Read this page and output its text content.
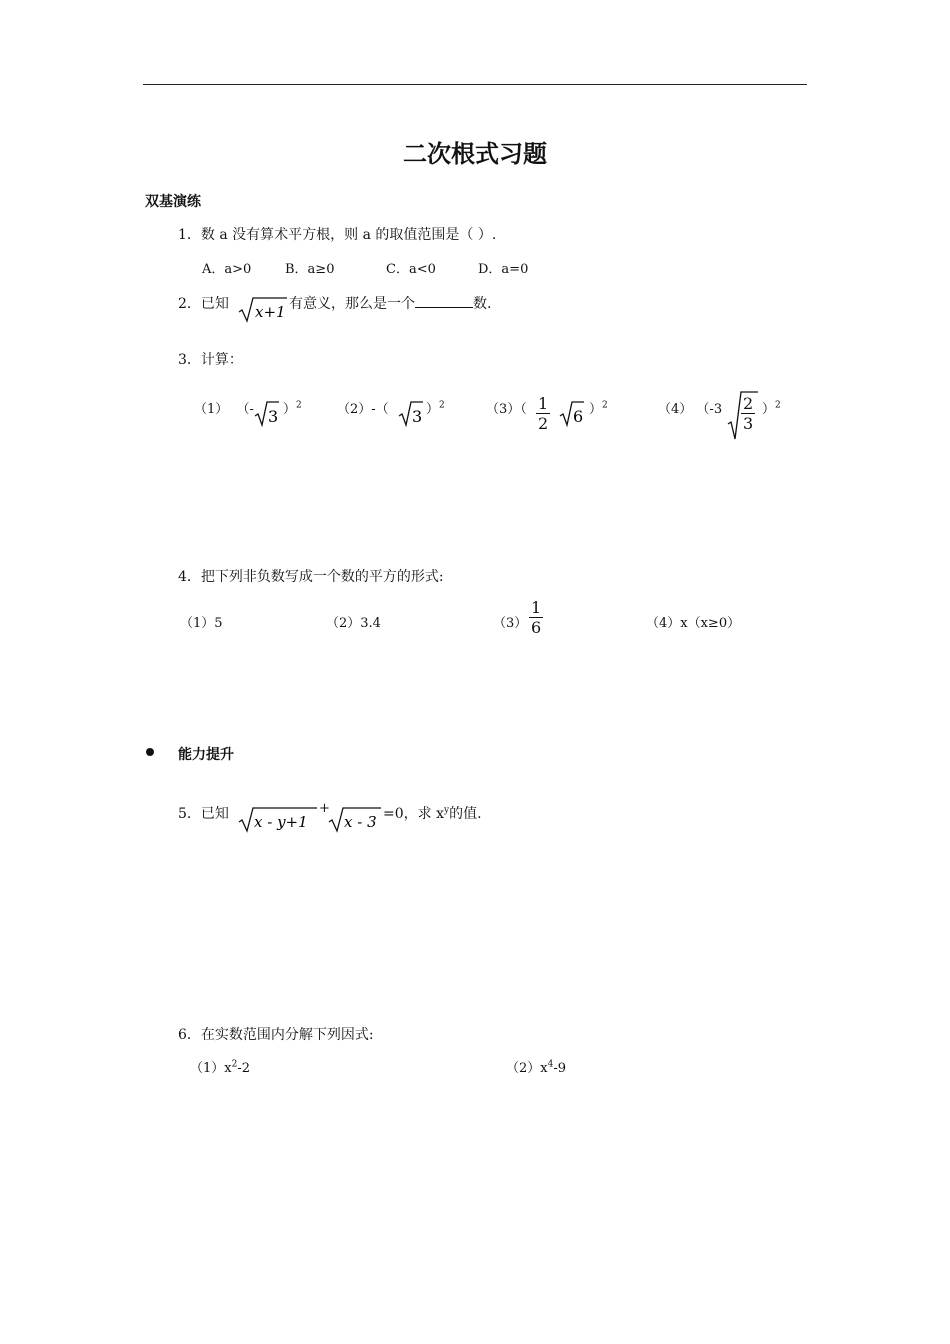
二次根式习题
双基演练
1．数 a 没有算术平方根，则 a 的取值范围是（ ）.
A．a>0	B．a≥0	C．a<0	D．a=0
2．已知 x+1 有意义，那么是一个	数.
3．计算：
（1） （- 3 ）$^2$	（2）-（ 3 ）$^2$	$(3)( \frac{1}{2} 6$ ）$^2$	（4） $(-3 \frac{2}{3} )^2$
4．把下列非负数写成一个数的平方的形式:
（1）5	（2）3.4	$(3) \frac{1}{6}$	（4）x（x≥0）
能力提升
5．已知 x - y+1
+
x - 3 =0，求 $x^y$的值.
6．在实数范围内分解下列因式:
$(1)x^2-2$	$(2)x^4-9$
